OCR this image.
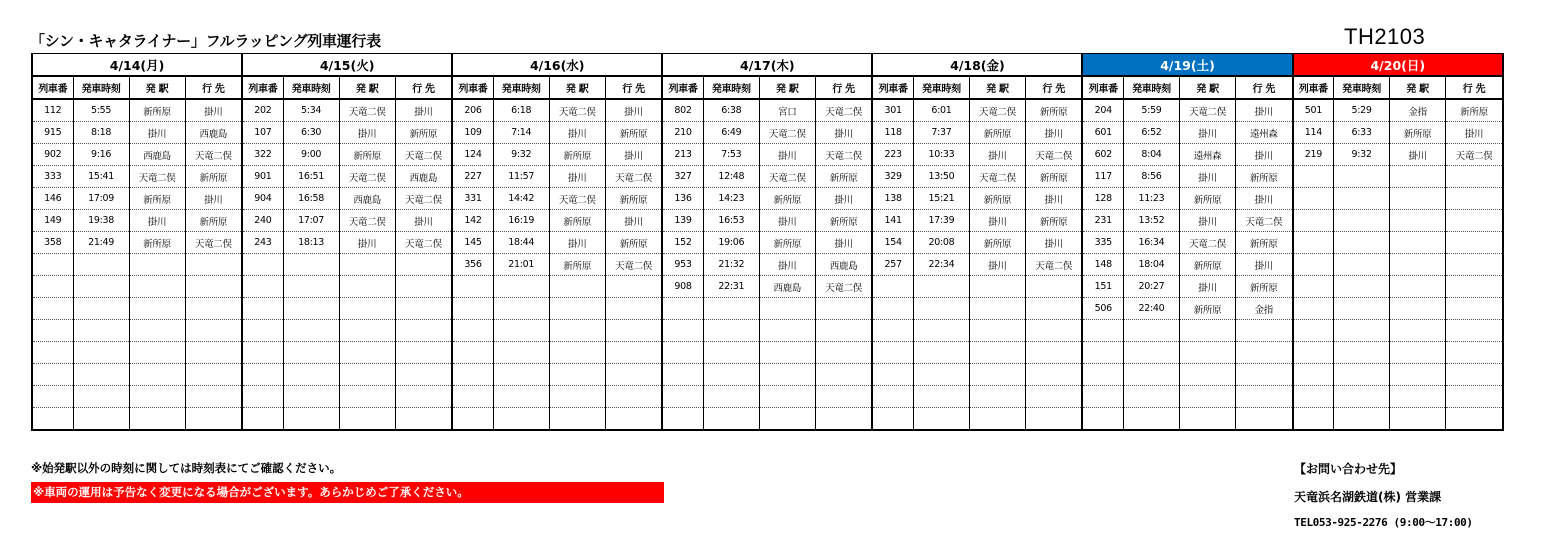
「シン・キャタライナー」フルラッピング列車運行表	TH2103
4/14(月)				4/15(火)				4/16(水)				4/17(木)				4/18(金)				4/19(土)				4/20(日)			
列車番	発車時刻	発 駅	行 先	列車番	発車時刻	発 駅	行 先	列車番	発車時刻	発 駅	行 先	列車番	発車時刻	発 駅	行 先	列車番	発車時刻	発 駅	行 先	列車番	発車時刻	発 駅	行 先	列車番	発車時刻	発 駅	行 先
112	5:55	新所原	掛川	202	5:34	天竜二俣	掛川	206	6:18	天竜二俣	掛川	802	6:38	宮口	天竜二俣	301	6:01	天竜二俣	新所原	204	5:59	天竜二俣	掛川	501	5:29	金指	新所原
915	8:18	掛川	西鹿島	107	6:30	掛川	新所原	109	7:14	掛川	新所原	210	6:49	天竜二俣	掛川	118	7:37	新所原	掛川	601	6:52	掛川	遠州森	114	6:33	新所原	掛川
902	9:16	西鹿島	天竜二俣	322	9:00	新所原	天竜二俣	124	9:32	新所原	掛川	213	7:53	掛川	天竜二俣	223	10:33	掛川	天竜二俣	602	8:04	遠州森	掛川	219	9:32	掛川	天竜二俣
333	15:41	天竜二俣	新所原	901	16:51	天竜二俣	西鹿島	227	11:57	掛川	天竜二俣	327	12:48	天竜二俣	新所原	329	13:50	天竜二俣	新所原	117	8:56	掛川	新所原				
146	17:09	新所原	掛川	904	16:58	西鹿島	天竜二俣	331	14:42	天竜二俣	新所原	136	14:23	新所原	掛川	138	15:21	新所原	掛川	128	11:23	新所原	掛川				
149	19:38	掛川	新所原	240	17:07	天竜二俣	掛川	142	16:19	新所原	掛川	139	16:53	掛川	新所原	141	17:39	掛川	新所原	231	13:52	掛川	天竜二俣				
358	21:49	新所原	天竜二俣	243	18:13	掛川	天竜二俣	145	18:44	掛川	新所原	152	19:06	新所原	掛川	154	20:08	新所原	掛川	335	16:34	天竜二俣	新所原				
								356	21:01	新所原	天竜二俣	953	21:32	掛川	西鹿島	257	22:34	掛川	天竜二俣	148	18:04	新所原	掛川				
												908	22:31	西鹿島	天竜二俣					151	20:27	掛川	新所原				
																				506	22:40	新所原	金指				

※始発駅以外の時刻に関しては時刻表にてご確認ください。
※車両の運用は予告なく変更になる場合がございます。あらかじめご了承ください。
【お問い合わせ先】
天竜浜名湖鉄道(株) 営業課
TEL053-925-2276 (9:00〜17:00)
